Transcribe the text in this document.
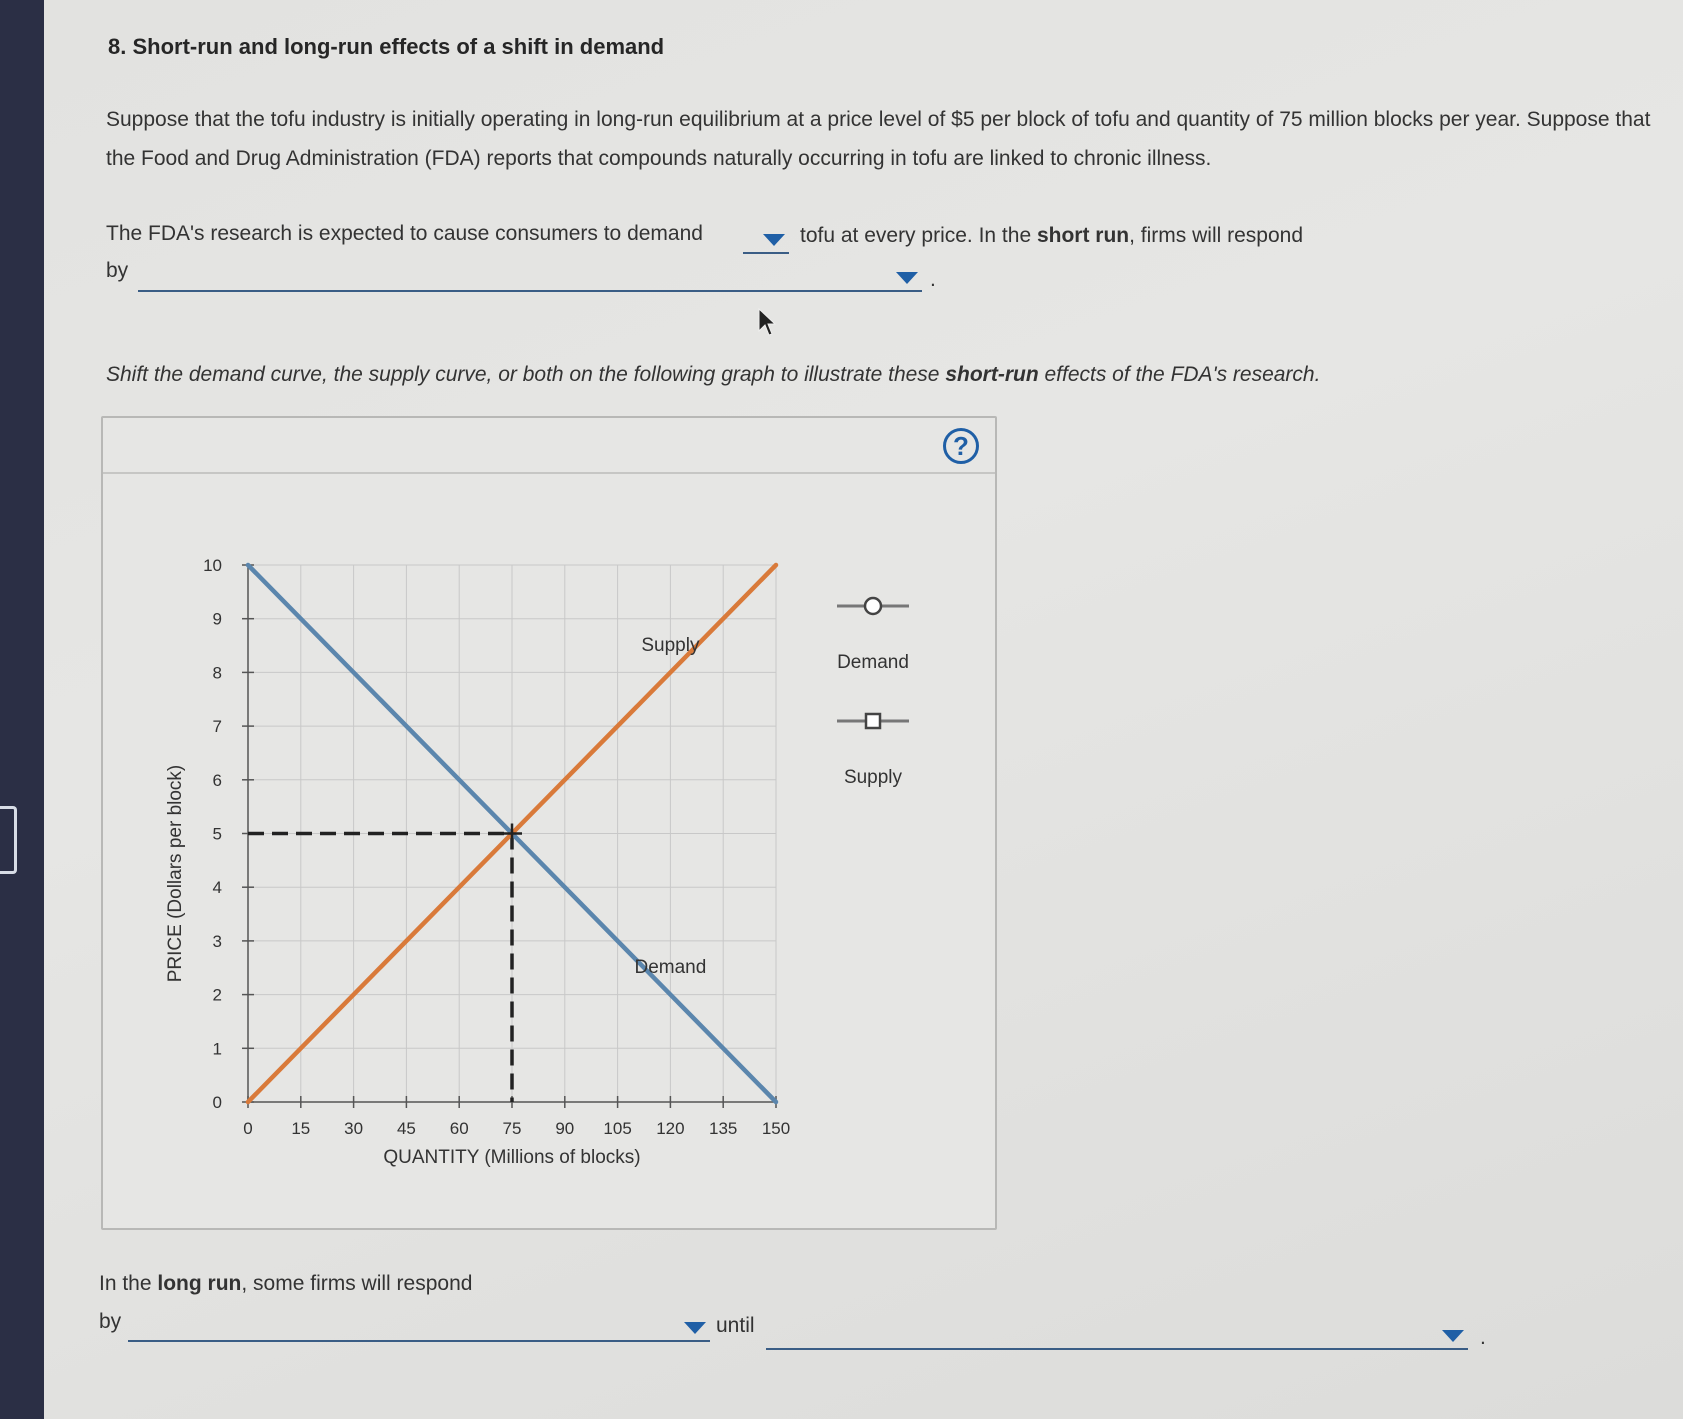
8. Short-run and long-run effects of a shift in demand
Suppose that the tofu industry is initially operating in long-run equilibrium at a price level of $5 per block of tofu and quantity of 75 million blocks per year. Suppose that the Food and Drug Administration (FDA) reports that compounds naturally occurring in tofu are linked to chronic illness.
The FDA's research is expected to cause consumers to demand	tofu at every price. In the short run, firms will respond
by	.
Shift the demand curve, the supply curve, or both on the following graph to illustrate these short-run effects of the FDA's research.
?
0 15 30 45 60 75 90 105 120 135 150
0
1
2
3
4
5
6
7
8
9
10
QUANTITY (Millions of blocks)
PRICE (Dollars per block)	Demand
Supply
Demand
Supply
In the long run, some firms will respond
by	until
.
